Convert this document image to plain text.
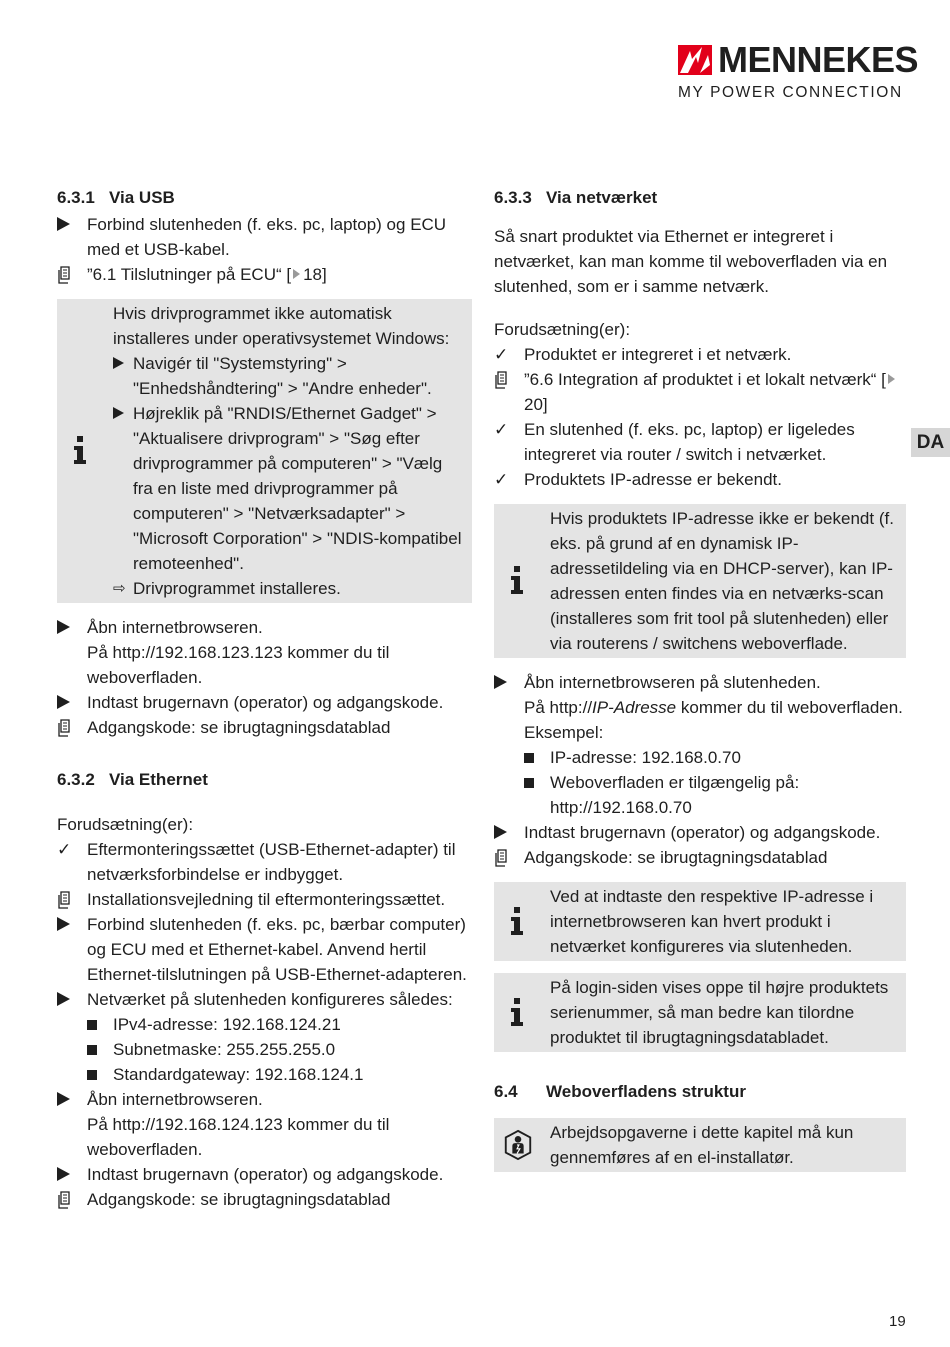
MENNEKES
MY POWER CONNECTION
DA
6.3.1 Via USB
Forbind slutenheden (f. eks. pc, laptop) og ECU med et USB-kabel.
”6.1 Tilslutninger på ECU“ [ 18]

Hvis drivprogrammet ikke automatisk installeres under operativsystemet Windows:

Navigér til "Systemstyring" > "Enhedshåndtering" > "Andre enheder".
Højreklik på "RNDIS/Ethernet Gadget" > "Aktualisere drivprogram" > "Søg efter drivprogrammer på computeren" > "Vælg fra en liste med drivprogrammer på computeren" > "Netværksadapter" > "Microsoft Corporation" > "NDIS-kompatibel remoteenhed".
⇨ Drivprogrammet installeres.
Åbn internetbrowseren.
På http://192.168.123.123 kommer du til weboverfladen.
Indtast brugernavn (operator) og adgangskode.
Adgangskode: se ibrugtagningsdatablad
6.3.2 Via Ethernet

Forudsætning(er):

✓ Eftermonteringssættet (USB-Ethernet-adapter) til netværksforbindelse er indbygget.
Installationsvejledning til eftermonteringssættet.
Forbind slutenheden (f. eks. pc, bærbar computer) og ECU med et Ethernet-kabel. Anvend hertil Ethernet-tilslutningen på USB-Ethernet-adapteren.
Netværket på slutenheden konfigureres således:
IPv4-adresse: 192.168.124.21
Subnetmaske: 255.255.255.0
Standardgateway: 192.168.124.1
Åbn internetbrowseren.
På http://192.168.124.123 kommer du til weboverfladen.
Indtast brugernavn (operator) og adgangskode.
Adgangskode: se ibrugtagningsdatablad
6.3.3 Via netværket

Så snart produktet via Ethernet er integreret i netværket, kan man komme til weboverfladen via en slutenhed, som er i samme netværk.

Forudsætning(er):

✓ Produktet er integreret i et netværk.
”6.6 Integration af produktet i et lokalt netværk“ [20]
✓ En slutenhed (f. eks. pc, laptop) er ligeledes integreret via router / switch i netværket.
✓ Produktets IP-adresse er bekendt.

Hvis produktets IP-adresse ikke er bekendt (f. eks. på grund af en dynamisk IP-adressetildeling via en DHCP-server), kan IP-adressen enten findes via en netværks-scan (installeres som frit tool på slutenheden) eller via routerens / switchens weboverflade.

Åbn internetbrowseren på slutenheden.
På http://IP-Adresse kommer du til weboverfladen.
Eksempel:
IP-adresse: 192.168.0.70
Weboverfladen er tilgængelig på: http://192.168.0.70
Indtast brugernavn (operator) og adgangskode.
Adgangskode: se ibrugtagningsdatablad

Ved at indtaste den respektive IP-adresse i internetbrowseren kan hvert produkt i netværket konfigureres via slutenheden.

På login-siden vises oppe til højre produktets serienummer, så man bedre kan tilordne produktet til ibrugtagningsdatabladet.

6.4 Weboverfladens struktur

Arbejdsopgaverne i dette kapitel må kun gennemføres af en el-installatør.

19
